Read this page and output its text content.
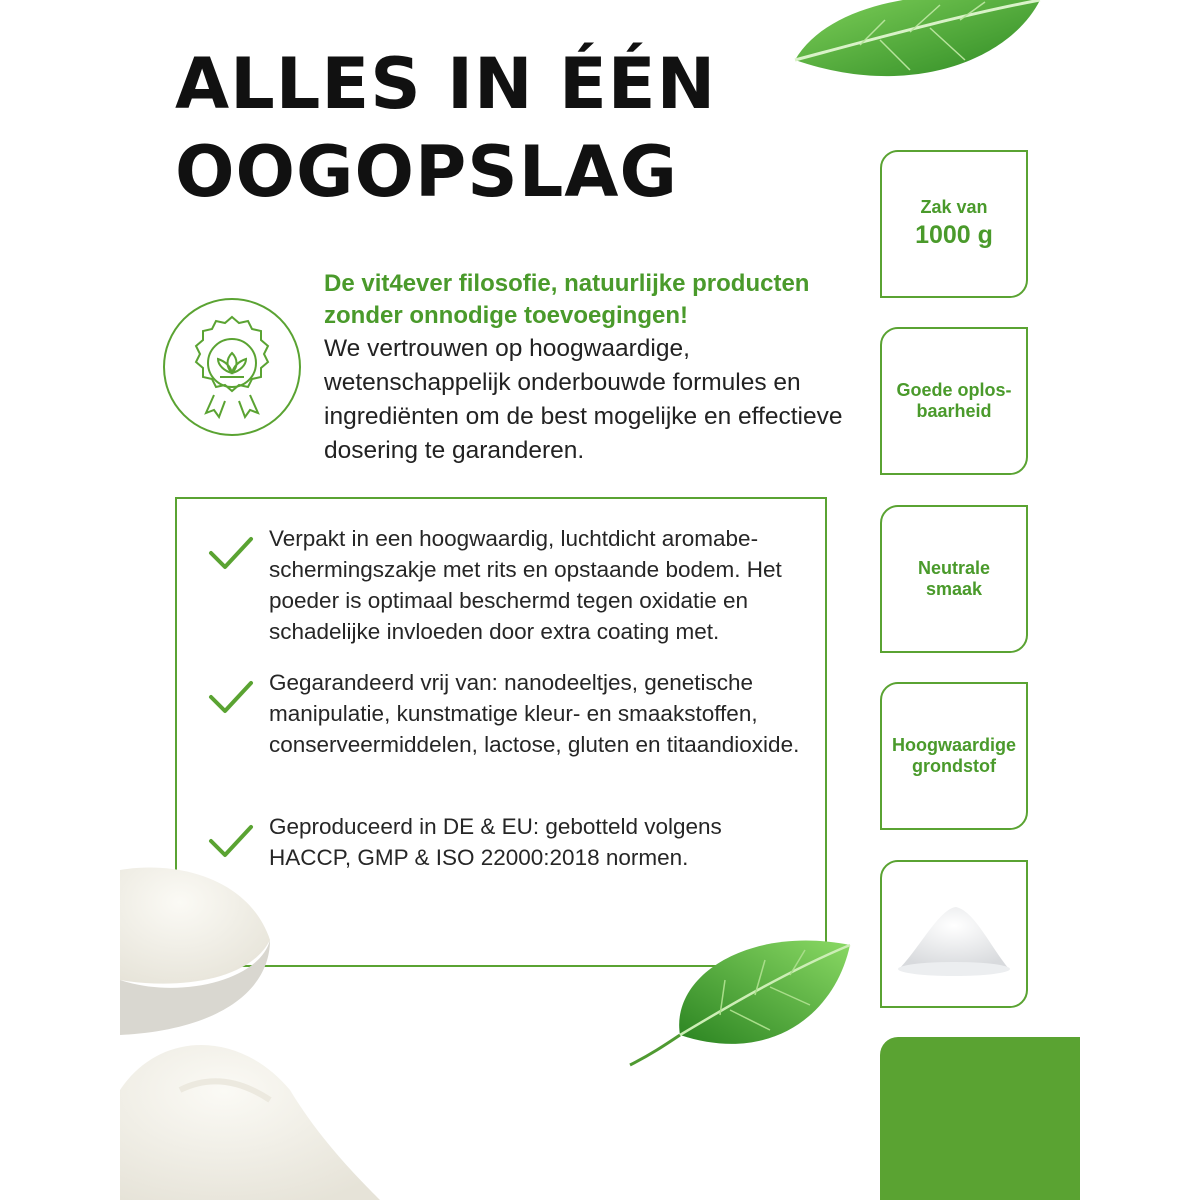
ALLES IN ÉÉN
OOGOPSLAG

De vit4ever filosofie, natuurlijke producten zonder onnodige toevoegingen!

We vertrouwen op hoogwaardige, wetenschappelijk onderbouwde formules en ingrediënten om de best mogelijke en effectieve dosering te garanderen.

Verpakt in een hoogwaardig, luchtdicht aromabe-schermingszakje met rits en opstaande bodem. Het poeder is optimaal beschermd tegen oxidatie en schadelijke invloeden door extra coating met.

Gegarandeerd vrij van: nanodeeltjes, genetische manipulatie, kunstmatige kleur- en smaakstoffen, conserveermiddelen, lactose, gluten en titaandioxide.

Geproduceerd in DE & EU: gebotteld volgens HACCP, GMP & ISO 22000:2018 normen.

Zak van
1000 g
Goede oplos-baarheid
Neutrale smaak
Hoogwaardige grondstof
